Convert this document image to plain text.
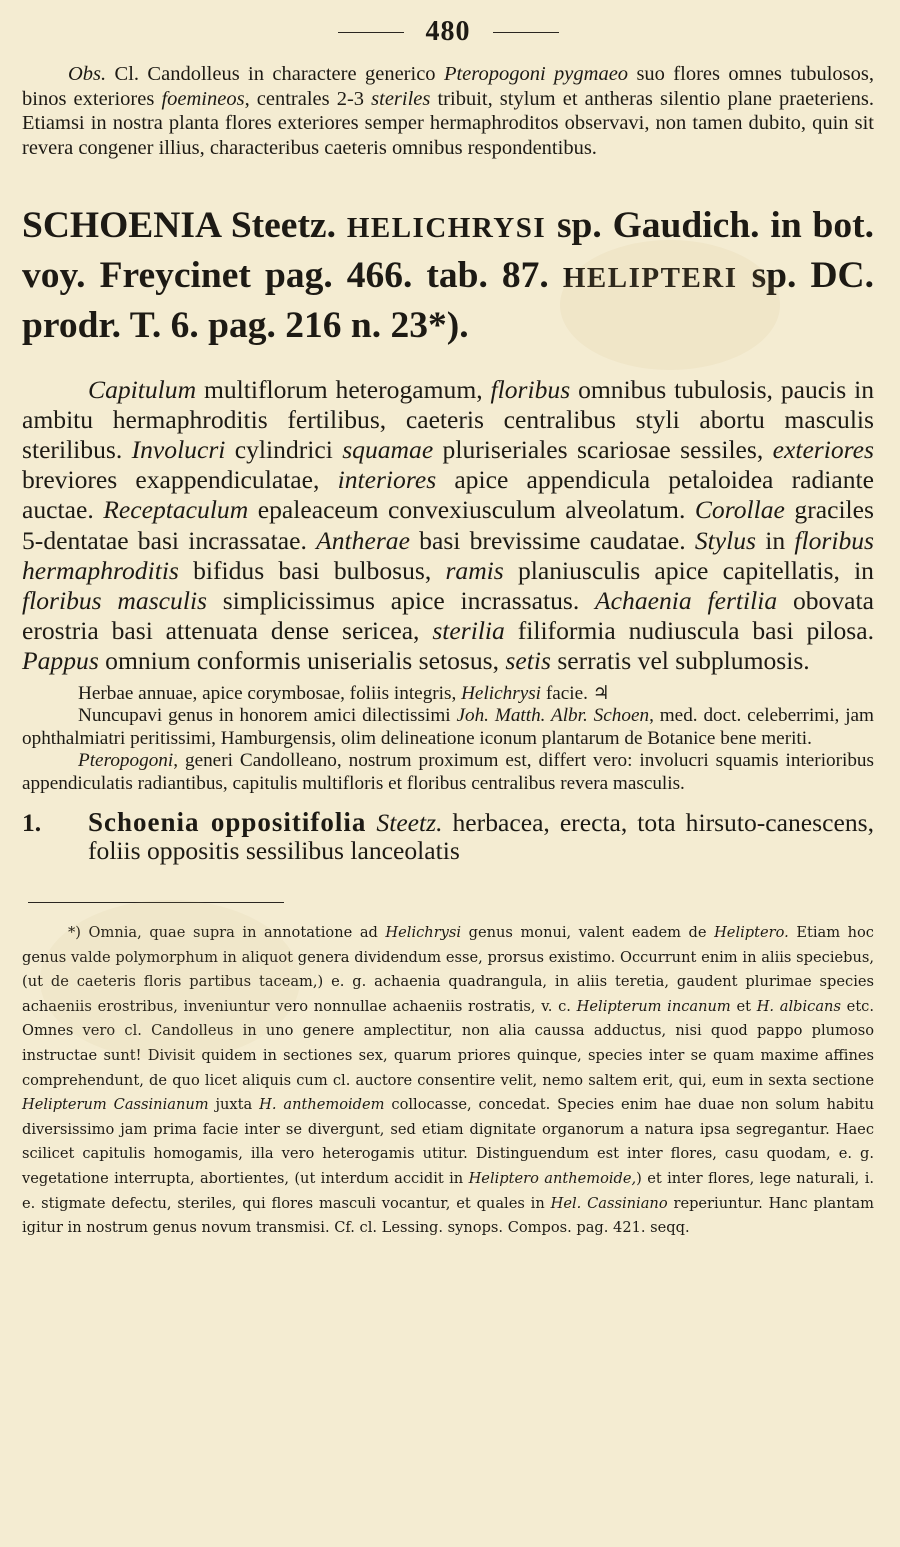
480

Obs. Cl. Candolleus in charactere generico Pteropogoni pygmaeo suo flores omnes tubulosos, binos exteriores foemineos, centrales 2-3 steriles tribuit, stylum et antheras silentio plane praeteriens. Etiamsi in nostra planta flores exteriores semper hermaphroditos observavi, non tamen dubito, quin sit revera congener illius, characteribus caeteris omnibus respondentibus.

SCHOENIA Steetz. HELICHRYSI sp. Gaudich. in bot. voy. Freycinet pag. 466. tab. 87. HELIPTERI sp. DC. prodr. T. 6. pag. 216 n. 23*).

Capitulum multiflorum heterogamum, floribus omnibus tubulosis, paucis in ambitu hermaphroditis fertilibus, caeteris centralibus styli abortu masculis sterilibus. Involucri cylindrici squamae pluriseriales scariosae sessiles, exteriores breviores exappendiculatae, interiores apice appendicula petaloidea radiante auctae. Receptaculum epaleaceum convexiusculum alveolatum. Corollae graciles 5-dentatae basi incrassatae. Antherae basi brevissime caudatae. Stylus in floribus hermaphroditis bifidus basi bulbosus, ramis planiusculis apice capitellatis, in floribus masculis simplicissimus apice incrassatus. Achaenia fertilia obovata erostria basi attenuata dense sericea, sterilia filiformia nudiuscula basi pilosa. Pappus omnium conformis uniserialis setosus, setis serratis vel subplumosis.

Herbae annuae, apice corymbosae, foliis integris, Helichrysi facie. ♃

Nuncupavi genus in honorem amici dilectissimi Joh. Matth. Albr. Schoen, med. doct. celeberrimi, jam ophthalmiatri peritissimi, Hamburgensis, olim delineatione iconum plantarum de Botanice bene meriti.

Pteropogoni, generi Candolleano, nostrum proximum est, differt vero: involucri squamis interioribus appendiculatis radiantibus, capitulis multifloris et floribus centralibus revera masculis.

1. Schoenia oppositifolia Steetz. herbacea, erecta, tota hirsuto-canescens, foliis oppositis sessilibus lanceolatis

*) Omnia, quae supra in annotatione ad Helichrysi genus monui, valent eadem de Heliptero. Etiam hoc genus valde polymorphum in aliquot genera dividendum esse, prorsus existimo. Occurrunt enim in aliis speciebus, (ut de caeteris floris partibus taceam,) e. g. achaenia quadrangula, in aliis teretia, gaudent plurimae species achaeniis erostribus, inveniuntur vero nonnullae achaeniis rostratis, v. c. Helipterum incanum et H. albicans etc. Omnes vero cl. Candolleus in uno genere amplectitur, non alia caussa adductus, nisi quod pappo plumoso instructae sunt! Divisit quidem in sectiones sex, quarum priores quinque, species inter se quam maxime affines comprehendunt, de quo licet aliquis cum cl. auctore consentire velit, nemo saltem erit, qui, eum in sexta sectione Helipterum Cassinianum juxta H. anthemoidem collocasse, concedat. Species enim hae duae non solum habitu diversissimo jam prima facie inter se divergunt, sed etiam dignitate organorum a natura ipsa segregantur. Haec scilicet capitulis homogamis, illa vero heterogamis utitur. Distinguendum est inter flores, casu quodam, e. g. vegetatione interrupta, abortientes, (ut interdum accidit in Heliptero anthemoide,) et inter flores, lege naturali, i. e. stigmate defectu, steriles, qui flores masculi vocantur, et quales in Hel. Cassiniano reperiuntur. Hanc plantam igitur in nostrum genus novum transmisi. Cf. cl. Lessing. synops. Compos. pag. 421. seqq.
